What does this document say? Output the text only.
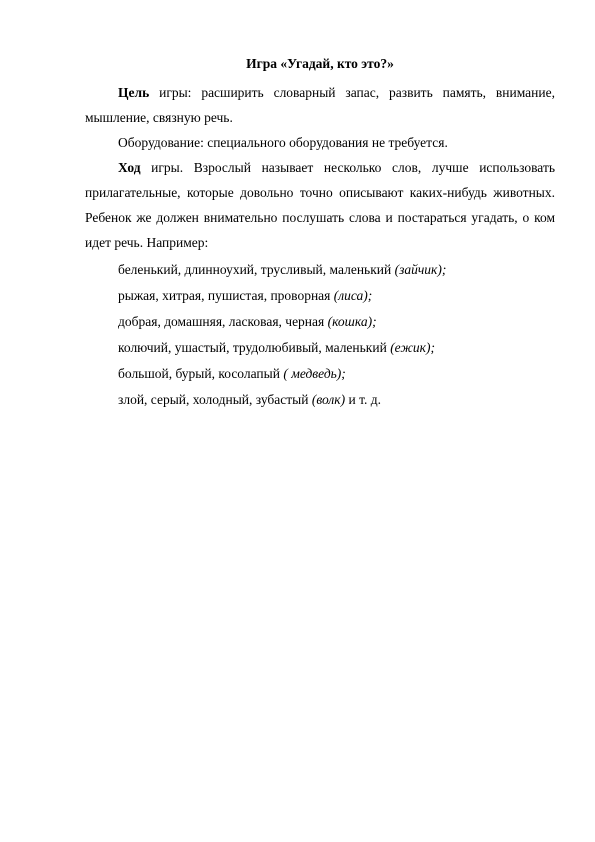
Игра «Угадай, кто это?»
Цель игры: расширить словарный запас, развить память, внимание, мышление, связную речь.
Оборудование: специального оборудования не требуется.
Ход игры. Взрослый называет несколько слов, лучше использовать прилагательные, которые довольно точно описывают каких-нибудь животных. Ребенок же должен внимательно послушать слова и постараться угадать, о ком идет речь. Например:
беленький, длинноухий, трусливый, маленький (зайчик);
рыжая, хитрая, пушистая, проворная (лиса);
добрая, домашняя, ласковая, черная (кошка);
колючий, ушастый, трудолюбивый, маленький (ежик);
большой, бурый, косолапый ( медведь);
злой, серый, холодный, зубастый (волк) и т. д.
